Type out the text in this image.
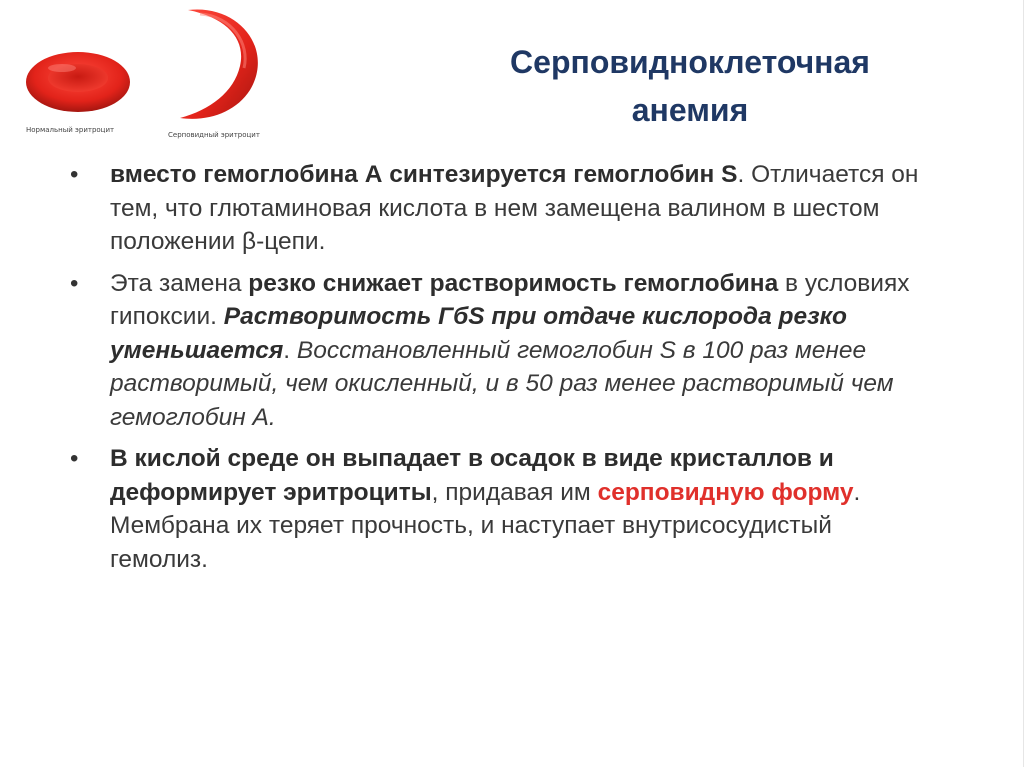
Нормальный эритроцит
Серповидный эритроцит
Серповидноклеточная
анемия
• вместо гемоглобина А синтезируется гемоглобин S. Отличается он тем, что глютаминовая кислота в нем замещена валином в шестом положении β-цепи.
• Эта замена резко снижает растворимость гемоглобина в условиях гипоксии. Растворимость ГбS при отдаче кислорода резко уменьшается. Восстановленный гемоглобин S в 100 раз менее растворимый, чем окисленный, и в 50 раз менее растворимый чем гемоглобин А.
• В кислой среде он выпадает в осадок в виде кристаллов и деформирует эритроциты, придавая им серповидную форму. Мембрана их теряет прочность, и наступает внутрисосудистый гемолиз.
